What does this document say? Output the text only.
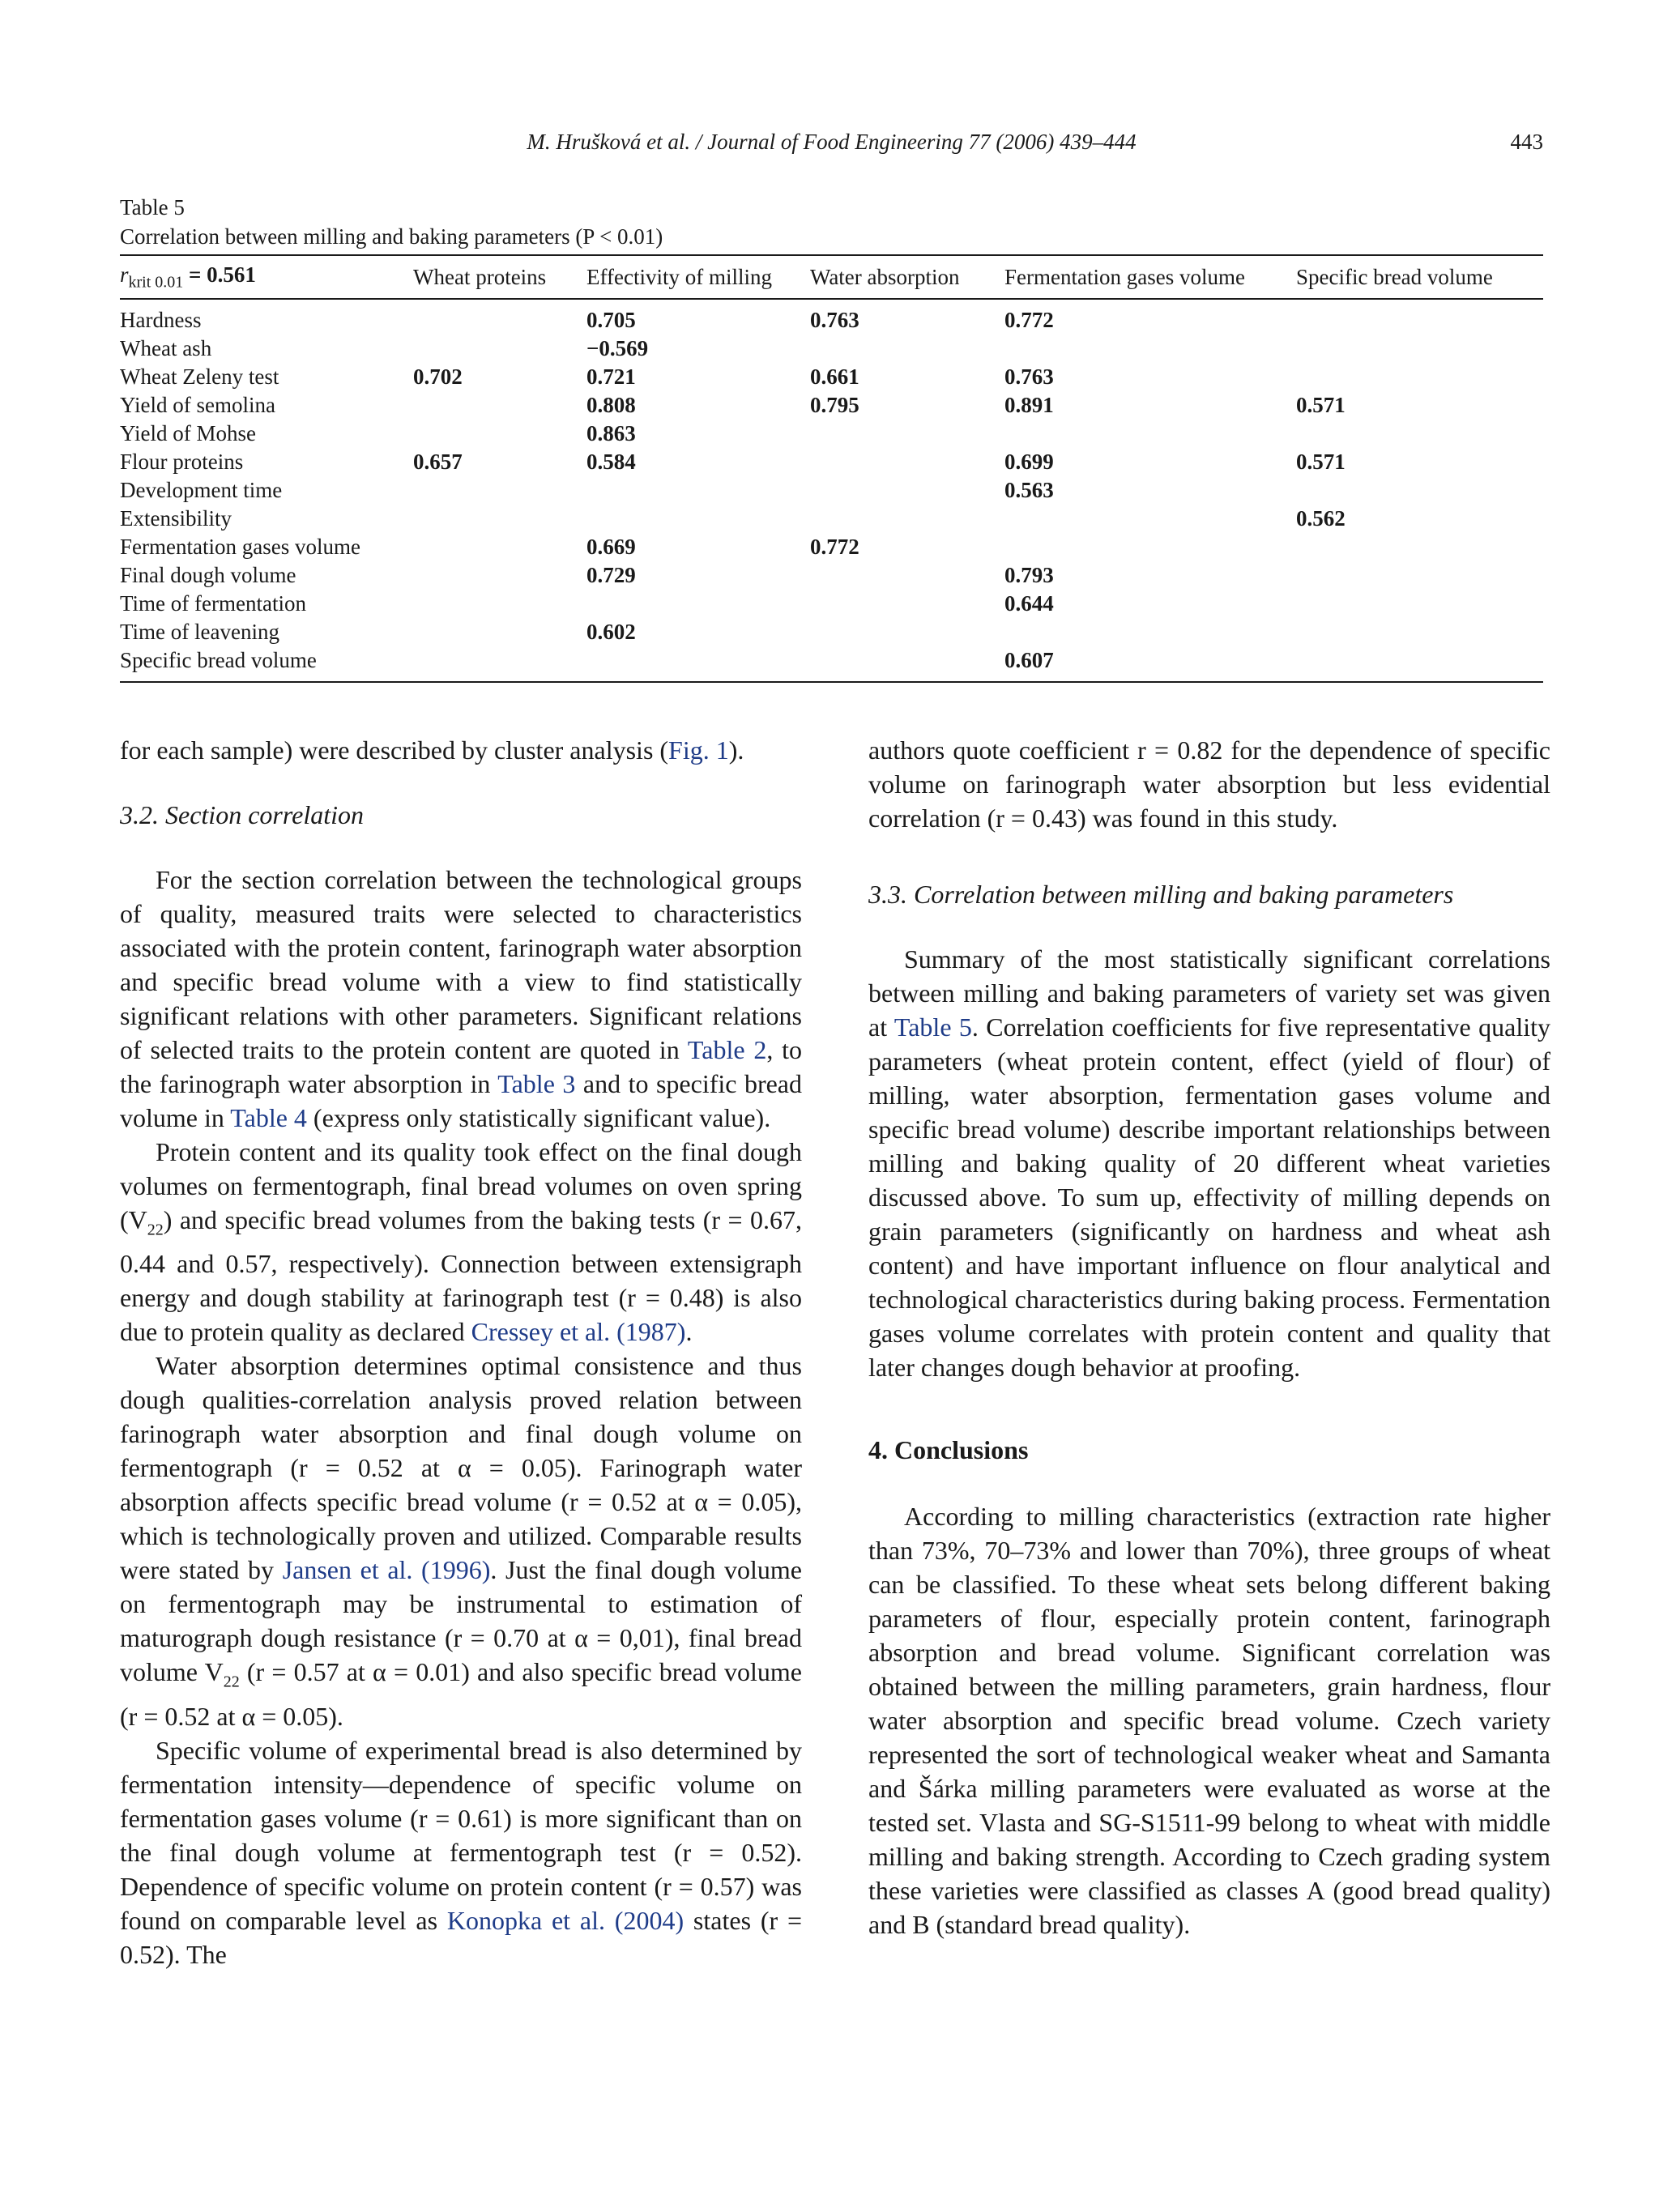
M. Hrušková et al. / Journal of Food Engineering 77 (2006) 439–444	443
Table 5
Correlation between milling and baking parameters (P < 0.01)
$r_{krit 0.01} = 0.561$	Wheat proteins	Effectivity of milling	Water absorption	Fermentation gases volume	Specific bread volume
Hardness		0.705	0.763	0.772	
Wheat ash		−0.569			
Wheat Zeleny test	0.702	0.721	0.661	0.763	
Yield of semolina		0.808	0.795	0.891	0.571
Yield of Mohse		0.863			
Flour proteins	0.657	0.584		0.699	0.571
Development time				0.563	
Extensibility					0.562
Fermentation gases volume		0.669	0.772		
Final dough volume		0.729		0.793	
Time of fermentation				0.644	
Time of leavening		0.602			
Specific bread volume				0.607	

for each sample) were described by cluster analysis (Fig. 1).

3.2. Section correlation

For the section correlation between the technological groups of quality, measured traits were selected to characteristics associated with the protein content, farinograph water absorption and specific bread volume with a view to find statistically significant relations with other parameters. Significant relations of selected traits to the protein content are quoted in Table 2, to the farinograph water absorption in Table 3 and to specific bread volume in Table 4 (express only statistically significant value).

Protein content and its quality took effect on the final dough volumes on fermentograph, final bread volumes on oven spring $(V_{22})$ and specific bread volumes from the baking tests (r = 0.67, 0.44 and 0.57, respectively). Connection between extensigraph energy and dough stability at farinograph test (r = 0.48) is also due to protein quality as declared Cressey et al. (1987).

Water absorption determines optimal consistence and thus dough qualities-correlation analysis proved relation between farinograph water absorption and final dough volume on fermentograph (r = 0.52 at α = 0.05). Farinograph water absorption affects specific bread volume (r = 0.52 at α = 0.05), which is technologically proven and utilized. Comparable results were stated by Jansen et al. (1996). Just the final dough volume on fermentograph may be instrumental to estimation of maturograph dough resistance (r = 0.70 at α = 0,01), final bread volume $V_{22}$ (r = 0.57 at α = 0.01) and also specific bread volume (r = 0.52 at α = 0.05).

Specific volume of experimental bread is also determined by fermentation intensity—dependence of specific volume on fermentation gases volume (r = 0.61) is more significant than on the final dough volume at fermentograph test (r = 0.52). Dependence of specific volume on protein content (r = 0.57) was found on comparable level as Konopka et al. (2004) states (r = 0.52). The

authors quote coefficient r = 0.82 for the dependence of specific volume on farinograph water absorption but less evidential correlation (r = 0.43) was found in this study.

3.3. Correlation between milling and baking parameters

Summary of the most statistically significant correlations between milling and baking parameters of variety set was given at Table 5. Correlation coefficients for five representative quality parameters (wheat protein content, effect (yield of flour) of milling, water absorption, fermentation gases volume and specific bread volume) describe important relationships between milling and baking quality of 20 different wheat varieties discussed above. To sum up, effectivity of milling depends on grain parameters (significantly on hardness and wheat ash content) and have important influence on flour analytical and technological characteristics during baking process. Fermentation gases volume correlates with protein content and quality that later changes dough behavior at proofing.

4. Conclusions

According to milling characteristics (extraction rate higher than 73%, 70–73% and lower than 70%), three groups of wheat can be classified. To these wheat sets belong different baking parameters of flour, especially protein content, farinograph absorption and bread volume. Significant correlation was obtained between the milling parameters, grain hardness, flour water absorption and specific bread volume. Czech variety represented the sort of technological weaker wheat and Samanta and Šárka milling parameters were evaluated as worse at the tested set. Vlasta and SG-S1511-99 belong to wheat with middle milling and baking strength. According to Czech grading system these varieties were classified as classes A (good bread quality) and B (standard bread quality).
